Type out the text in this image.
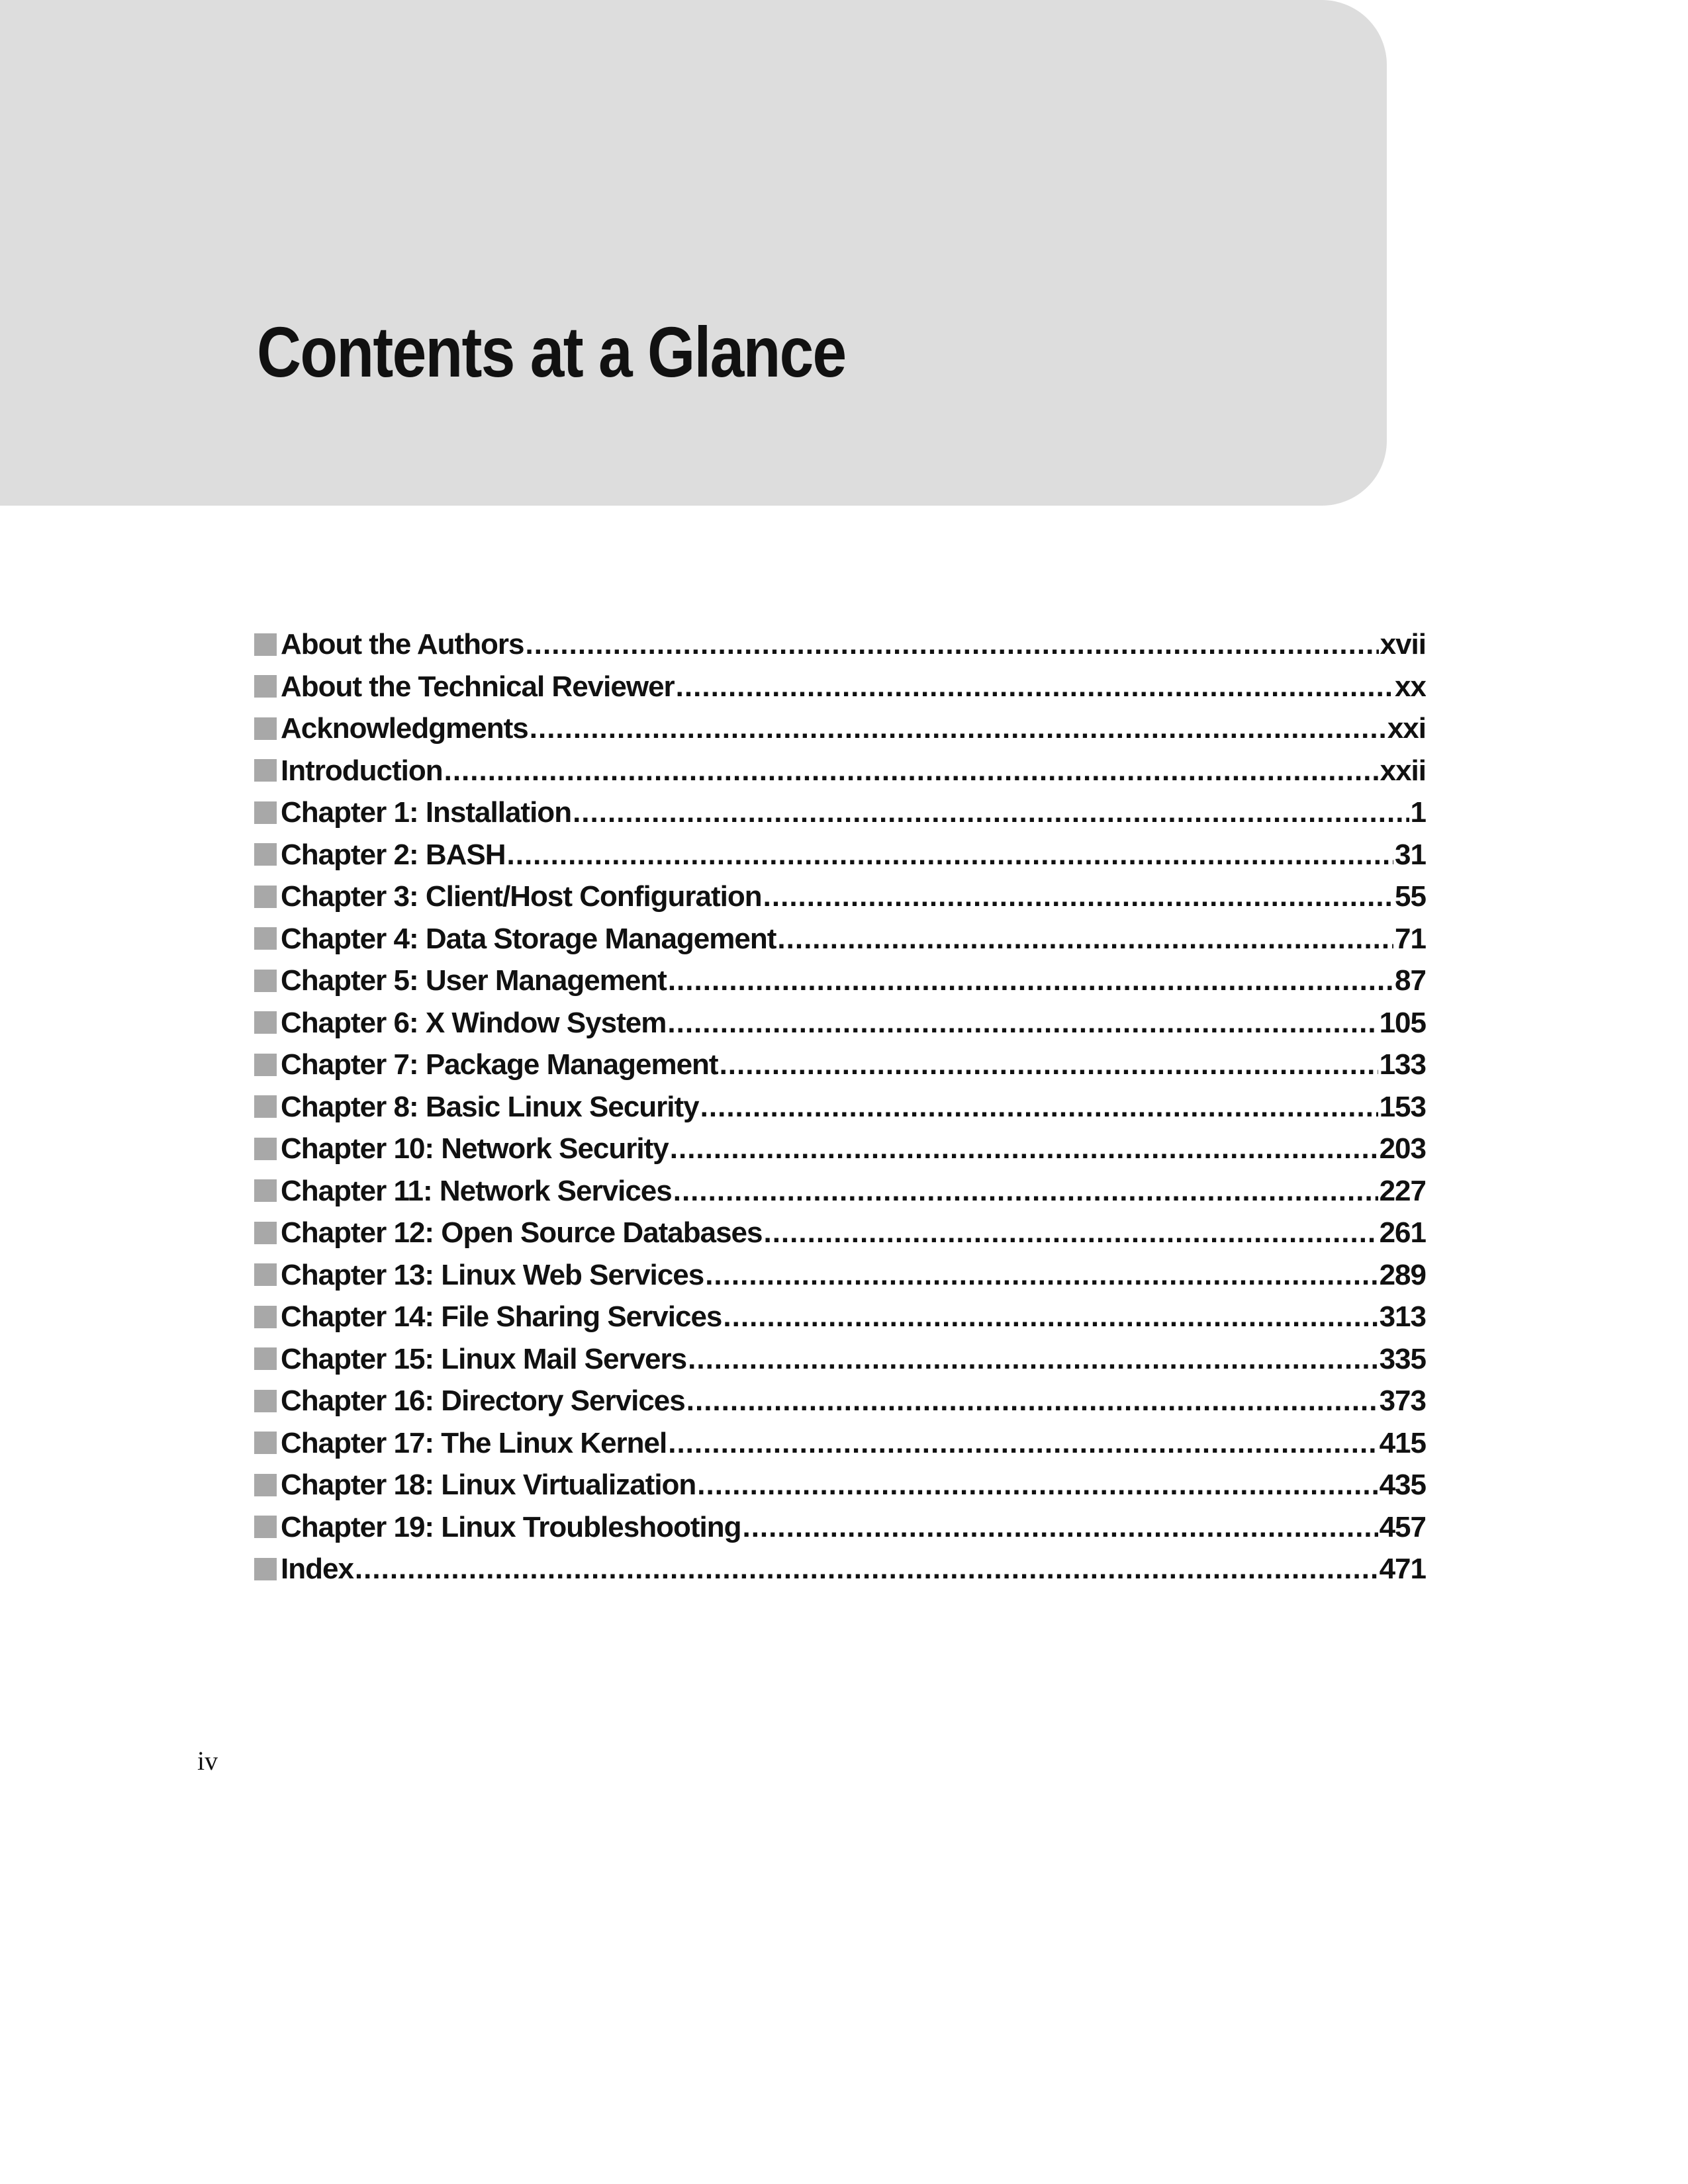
Contents at a Glance
About the Authors .....	xvii
About the Technical Reviewer .....	xx
Acknowledgments .....	xxi
Introduction .....	xxii
Chapter 1: Installation .....	1
Chapter 2: BASH .....	31
Chapter 3: Client/Host Configuration .....	55
Chapter 4: Data Storage Management .....	71
Chapter 5: User Management .....	87
Chapter 6: X Window System .....	105
Chapter 7: Package Management .....	133
Chapter 8: Basic Linux Security .....	153
Chapter 10: Network Security .....	203
Chapter 11: Network Services .....	227
Chapter 12: Open Source Databases .....	261
Chapter 13: Linux Web Services .....	289
Chapter 14: File Sharing Services .....	313
Chapter 15: Linux Mail Servers .....	335
Chapter 16: Directory Services .....	373
Chapter 17: The Linux Kernel .....	415
Chapter 18: Linux Virtualization .....	435
Chapter 19: Linux Troubleshooting .....	457
Index .....	471
iv
